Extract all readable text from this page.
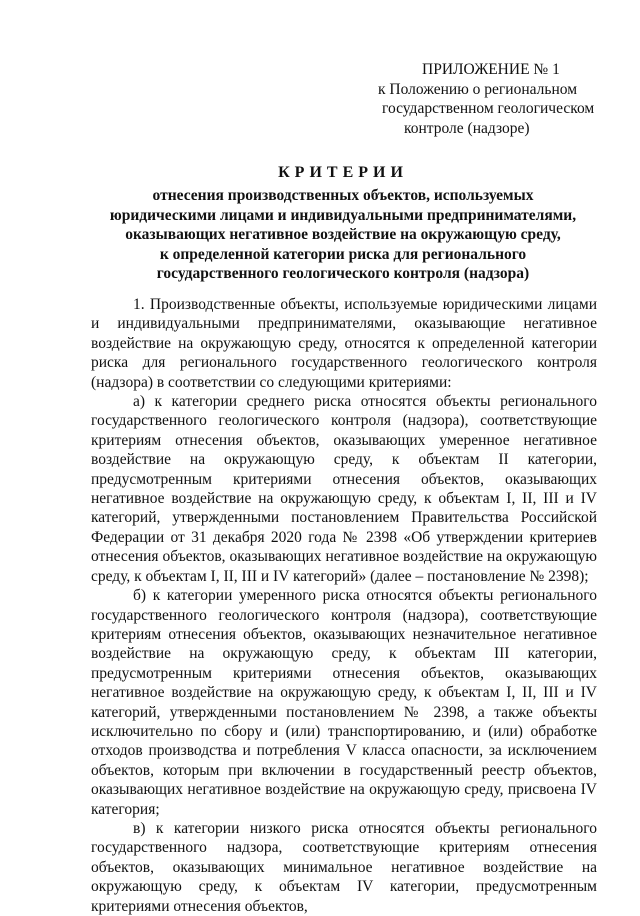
ПРИЛОЖЕНИЕ № 1
к Положению о региональном
государственном геологическом
контроле (надзоре)
КРИТЕРИИ
отнесения производственных объектов, используемых
юридическими лицами и индивидуальными предпринимателями,
оказывающих негативное воздействие на окружающую среду,
к определенной категории риска для регионального
государственного геологического контроля (надзора)

1. Производственные объекты, используемые юридическими лицами и индивидуальными предпринимателями, оказывающие негативное воздействие на окружающую среду, относятся к определенной категории риска для регионального государственного геологического контроля (надзора) в соответствии со следующими критериями:

а) к категории среднего риска относятся объекты регионального государственного геологического контроля (надзора), соответствующие критериям отнесения объектов, оказывающих умеренное негативное воздействие на окружающую среду, к объектам II категории, предусмотренным критериями отнесения объектов, оказывающих негативное воздействие на окружающую среду, к объектам I, II, III и IV категорий, утвержденными постановлением Правительства Российской Федерации от 31 декабря 2020 года № 2398 «Об утверждении критериев отнесения объектов, оказывающих негативное воздействие на окружающую среду, к объектам I, II, III и IV категорий» (далее – постановление № 2398);

б) к категории умеренного риска относятся объекты регионального государственного геологического контроля (надзора), соответствующие критериям отнесения объектов, оказывающих незначительное негативное воздействие на окружающую среду, к объектам III категории, предусмотренным критериями отнесения объектов, оказывающих негативное воздействие на окружающую среду, к объектам I, II, III и IV категорий, утвержденными постановлением № 2398, а также объекты исключительно по сбору и (или) транспортированию, и (или) обработке отходов производства и потребления V класса опасности, за исключением объектов, которым при включении в государственный реестр объектов, оказывающих негативное воздействие на окружающую среду, присвоена IV категория;

в) к категории низкого риска относятся объекты регионального государственного надзора, соответствующие критериям отнесения объектов, оказывающих минимальное негативное воздействие на окружающую среду, к объектам IV категории, предусмотренным критериями отнесения объектов,
